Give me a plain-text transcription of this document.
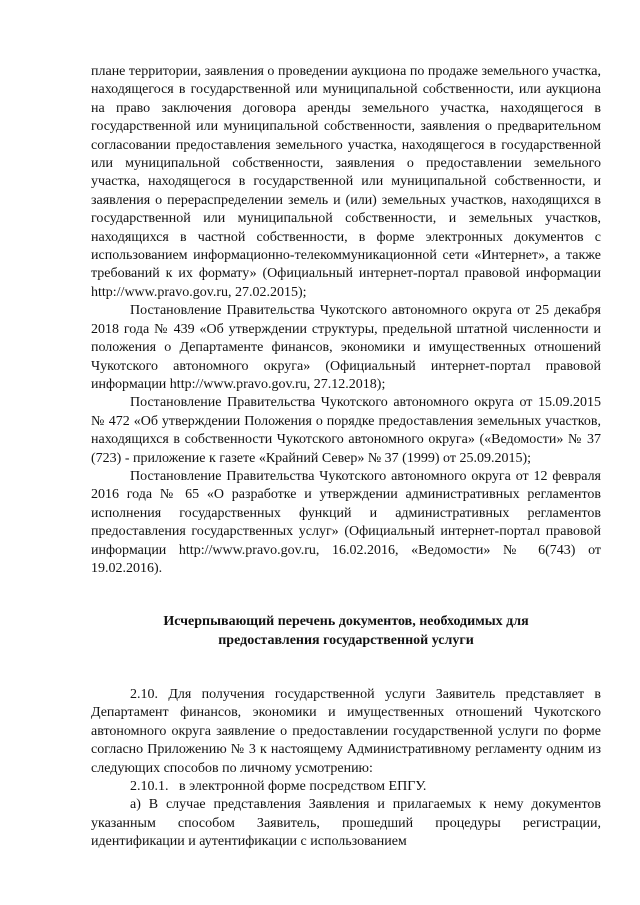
плане территории, заявления о проведении аукциона по продаже земельного участка, находящегося в государственной или муниципальной собственности, или аукциона на право заключения договора аренды земельного участка, находящегося в государственной или муниципальной собственности, заявления о предварительном согласовании предоставления земельного участка, находящегося в государственной или муниципальной собственности, заявления о предоставлении земельного участка, находящегося в государственной или муниципальной собственности, и заявления о перераспределении земель и (или) земельных участков, находящихся в государственной или муниципальной собственности, и земельных участков, находящихся в частной собственности, в форме электронных документов с использованием информационно-телекоммуникационной сети «Интернет», а также требований к их формату» (Официальный интернет-портал правовой информации http://www.pravo.gov.ru, 27.02.2015);

Постановление Правительства Чукотского автономного округа от 25 декабря 2018 года № 439 «Об утверждении структуры, предельной штатной численности и положения о Департаменте финансов, экономики и имущественных отношений Чукотского автономного округа» (Официальный интернет-портал правовой информации http://www.pravo.gov.ru, 27.12.2018);

Постановление Правительства Чукотского автономного округа от 15.09.2015 № 472 «Об утверждении Положения о порядке предоставления земельных участков, находящихся в собственности Чукотского автономного округа» («Ведомости» № 37 (723) - приложение к газете «Крайний Север» № 37 (1999) от 25.09.2015);

Постановление Правительства Чукотского автономного округа от 12 февраля 2016 года № 65 «О разработке и утверждении административных регламентов исполнения государственных функций и административных регламентов предоставления государственных услуг» (Официальный интернет-портал правовой информации http://www.pravo.gov.ru, 16.02.2016, «Ведомости» № 6(743) от 19.02.2016).

Исчерпывающий перечень документов, необходимых для
предоставления государственной услуги

2.10. Для получения государственной услуги Заявитель представляет в Департамент финансов, экономики и имущественных отношений Чукотского автономного округа заявление о предоставлении государственной услуги по форме согласно Приложению № 3 к настоящему Административному регламенту одним из следующих способов по личному усмотрению:

2.10.1.   в электронной форме посредством ЕПГУ.

а) В случае представления Заявления и прилагаемых к нему документов указанным способом Заявитель, прошедший процедуры регистрации, идентификации и аутентификации с использованием
